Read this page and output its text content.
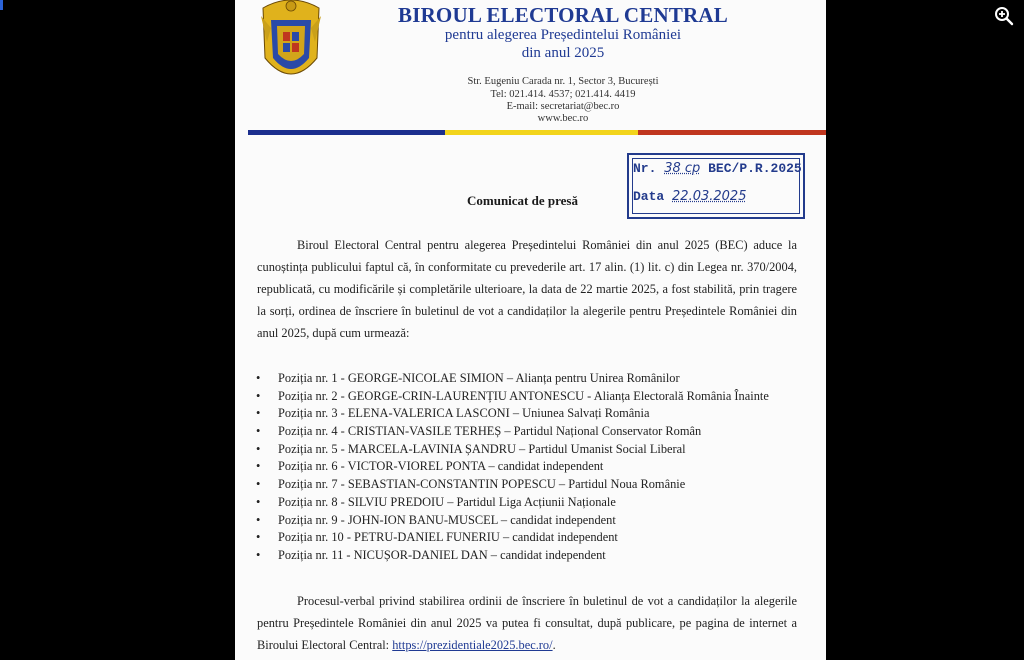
BIROUL ELECTORAL CENTRAL
pentru alegerea Președintelui României
din anul 2025
Str. Eugeniu Carada nr. 1, Sector 3, București
Tel: 021.414. 4537; 021.414. 4419
E-mail: secretariat@bec.ro
www.bec.ro
Nr. 38 cp BEC/P.R.2025
Data 22.03.2025
Comunicat de presă
Biroul Electoral Central pentru alegerea Președintelui României din anul 2025 (BEC) aduce la cunoștința publicului faptul că, în conformitate cu prevederile art. 17 alin. (1) lit. c) din Legea nr. 370/2004, republicată, cu modificările și completările ulterioare, la data de 22 martie 2025, a fost stabilită, prin tragere la sorți, ordinea de înscriere în buletinul de vot a candidaților la alegerile pentru Președintele României din anul 2025, după cum urmează:
• Poziția nr. 1 - GEORGE-NICOLAE SIMION – Alianța pentru Unirea Românilor
• Poziția nr. 2 - GEORGE-CRIN-LAURENȚIU ANTONESCU - Alianța Electorală România Înainte
• Poziția nr. 3 - ELENA-VALERICA LASCONI – Uniunea Salvați România
• Poziția nr. 4 - CRISTIAN-VASILE TERHEȘ – Partidul Național Conservator Român
• Poziția nr. 5 - MARCELA-LAVINIA ȘANDRU – Partidul Umanist Social Liberal
• Poziția nr. 6 - VICTOR-VIOREL PONTA – candidat independent
• Poziția nr. 7 - SEBASTIAN-CONSTANTIN POPESCU – Partidul Noua Românie
• Poziția nr. 8 - SILVIU PREDOIU – Partidul Liga Acțiunii Naționale
• Poziția nr. 9 - JOHN-ION BANU-MUSCEL – candidat independent
• Poziția nr. 10 - PETRU-DANIEL FUNERIU – candidat independent
• Poziția nr. 11 - NICUȘOR-DANIEL DAN – candidat independent
Procesul-verbal privind stabilirea ordinii de înscriere în buletinul de vot a candidaților la alegerile pentru Președintele României din anul 2025 va putea fi consultat, după publicare, pe pagina de internet a Biroului Electoral Central: https://prezidentiale2025.bec.ro/.
